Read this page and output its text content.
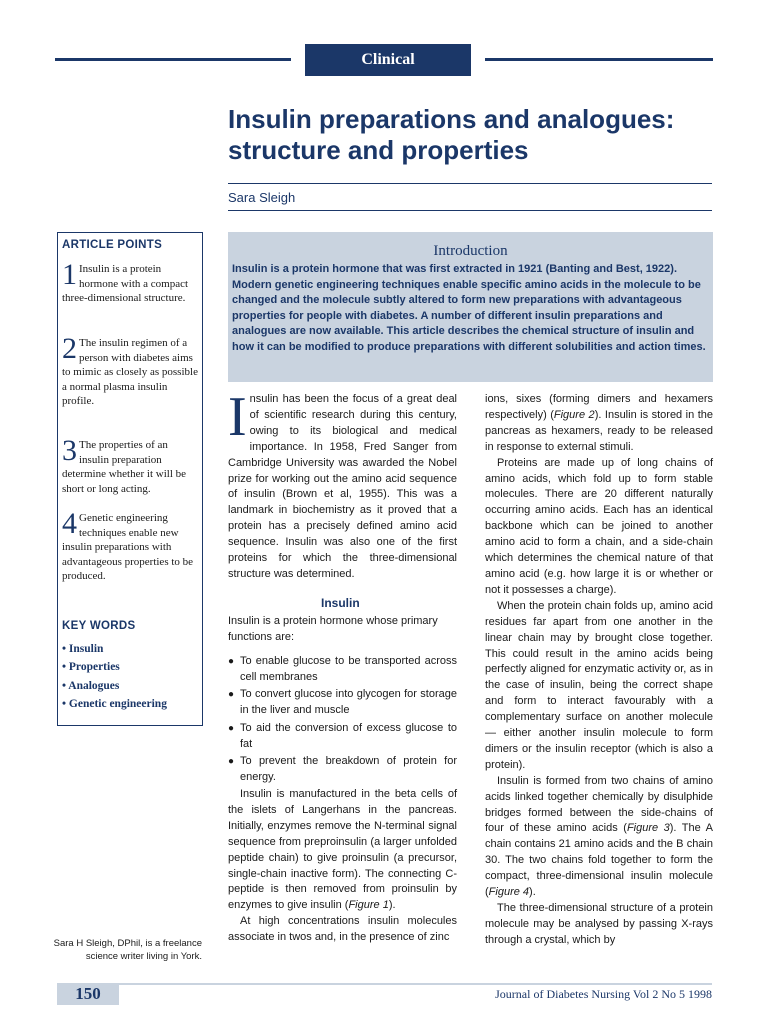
Clinical
Insulin preparations and analogues:
structure and properties
Sara Sleigh
ARTICLE POINTS
1 Insulin is a protein hormone with a compact three-dimensional structure.
2 The insulin regimen of a person with diabetes aims to mimic as closely as possible a normal plasma insulin profile.
3 The properties of an insulin preparation determine whether it will be short or long acting.
4 Genetic engineering techniques enable new insulin preparations with advantageous properties to be produced.
KEY WORDS
• Insulin
• Properties
• Analogues
• Genetic engineering
Sara H Sleigh, DPhil, is a freelance science writer living in York.
Introduction
Insulin is a protein hormone that was first extracted in 1921 (Banting and Best, 1922). Modern genetic engineering techniques enable specific amino acids in the molecule to be changed and the molecule subtly altered to form new preparations with advantageous properties for people with diabetes. A number of different insulin preparations and analogues are now available. This article describes the chemical structure of insulin and how it can be modified to produce preparations with different solubilities and action times.

Insulin has been the focus of a great deal of scientific research during this century, owing to its biological and medical importance. In 1958, Fred Sanger from Cambridge University was awarded the Nobel prize for working out the amino acid sequence of insulin (Brown et al, 1955). This was a landmark in biochemistry as it proved that a protein has a precisely defined amino acid sequence. Insulin was also one of the first proteins for which the three-dimensional structure was determined.

Insulin
Insulin is a protein hormone whose primary functions are:
● To enable glucose to be transported across cell membranes
● To convert glucose into glycogen for storage in the liver and muscle
● To aid the conversion of excess glucose to fat
● To prevent the breakdown of protein for energy.

Insulin is manufactured in the beta cells of the islets of Langerhans in the pancreas. Initially, enzymes remove the N-terminal signal sequence from preproinsulin (a larger unfolded peptide chain) to give proinsulin (a precursor, single-chain inactive form). The connecting C-peptide is then removed from proinsulin by enzymes to give insulin (Figure 1).

At high concentrations insulin molecules associate in twos and, in the presence of zinc

ions, sixes (forming dimers and hexamers respectively) (Figure 2). Insulin is stored in the pancreas as hexamers, ready to be released in response to external stimuli.

Proteins are made up of long chains of amino acids, which fold up to form stable molecules. There are 20 different naturally occurring amino acids. Each has an identical backbone which can be joined to another amino acid to form a chain, and a side-chain which determines the chemical nature of that amino acid (e.g. how large it is or whether or not it possesses a charge).

When the protein chain folds up, amino acid residues far apart from one another in the linear chain may by brought close together. This could result in the amino acids being perfectly aligned for enzymatic activity or, as in the case of insulin, being the correct shape and form to interact favourably with a complementary surface on another molecule — either another insulin molecule to form dimers or the insulin receptor (which is also a protein).

Insulin is formed from two chains of amino acids linked together chemically by disulphide bridges formed between the side-chains of four of these amino acids (Figure 3). The A chain contains 21 amino acids and the B chain 30. The two chains fold together to form the compact, three-dimensional insulin molecule (Figure 4).

The three-dimensional structure of a protein molecule may be analysed by passing X-rays through a crystal, which by

150	Journal of Diabetes Nursing Vol 2 No 5 1998
